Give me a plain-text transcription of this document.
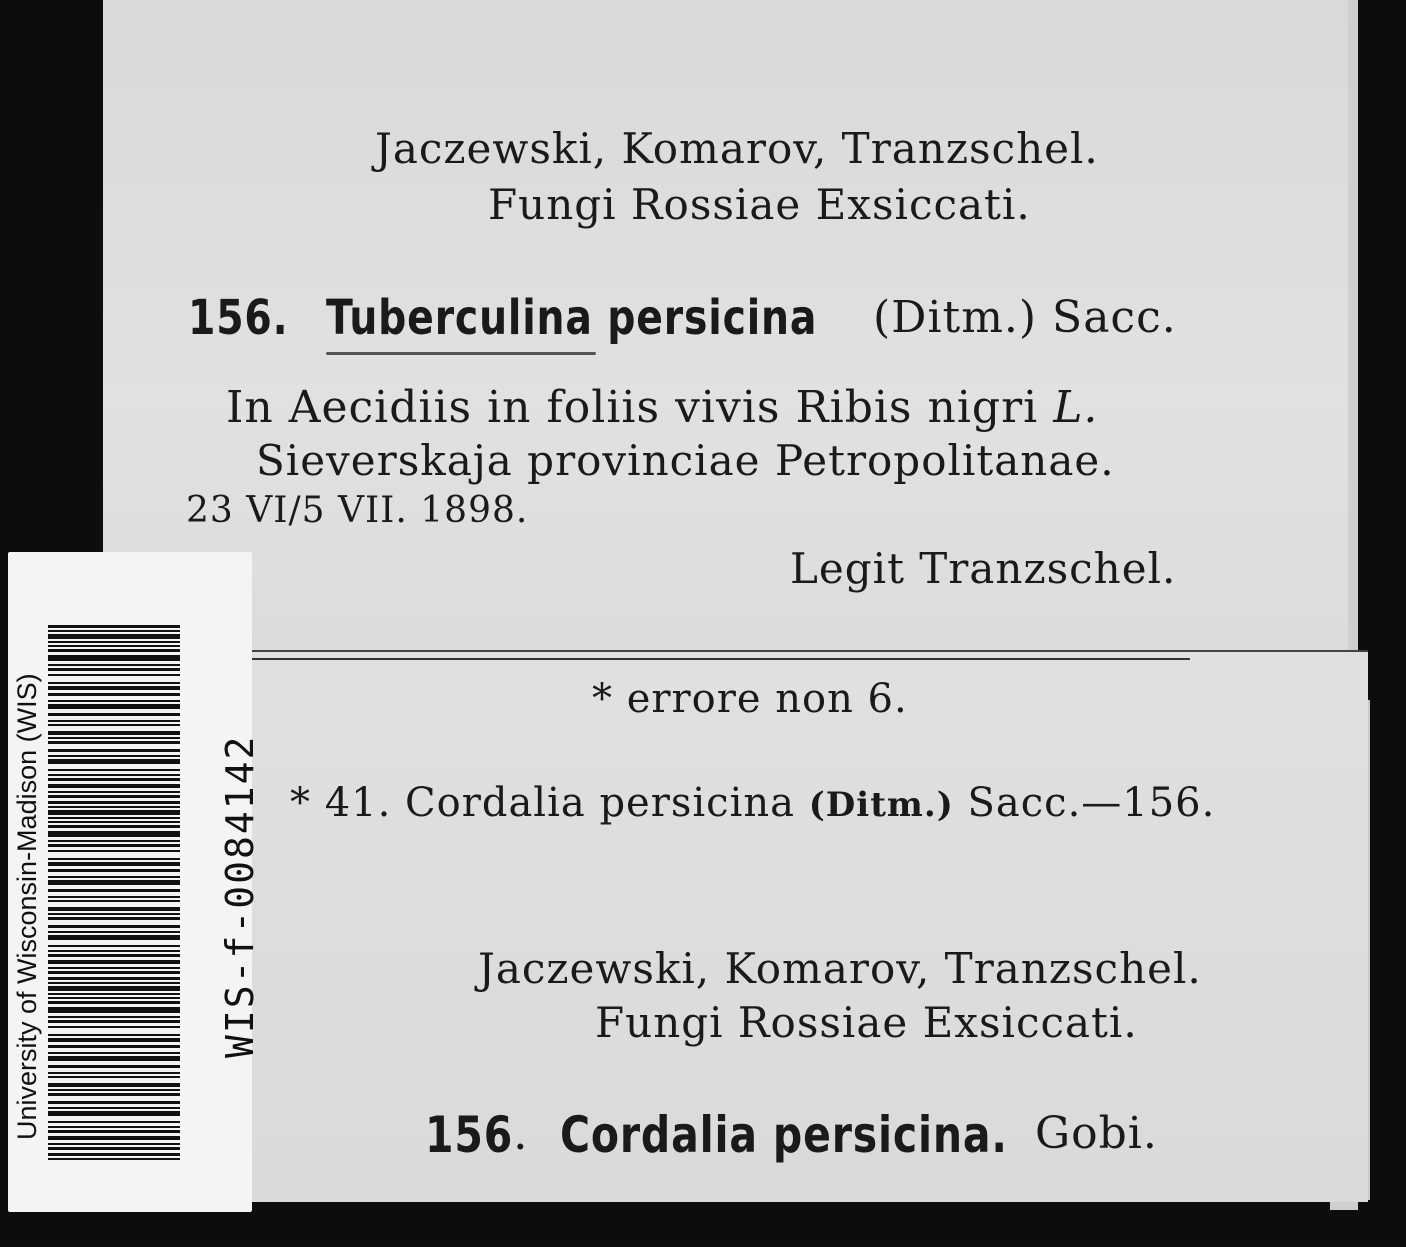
Jaczewski, Komarov, Tranzschel.
Fungi Rossiae Exsiccati.
156. Tuberculina persicina (Ditm.) Sacc.
In Aecidiis in foliis vivis Ribis nigri L.
Sieverskaja provinciae Petropolitanae.
23 VI/5 VII. 1898.
Legit Tranzschel.
* errore non 6.
* 41. Cordalia persicina (Ditm.) Sacc.—156.
Jaczewski, Komarov, Tranzschel.
Fungi Rossiae Exsiccati.
156 . Cordalia persicina. Gobi.
University of Wisconsin-Madison (WIS)	WIS-f-0084142
